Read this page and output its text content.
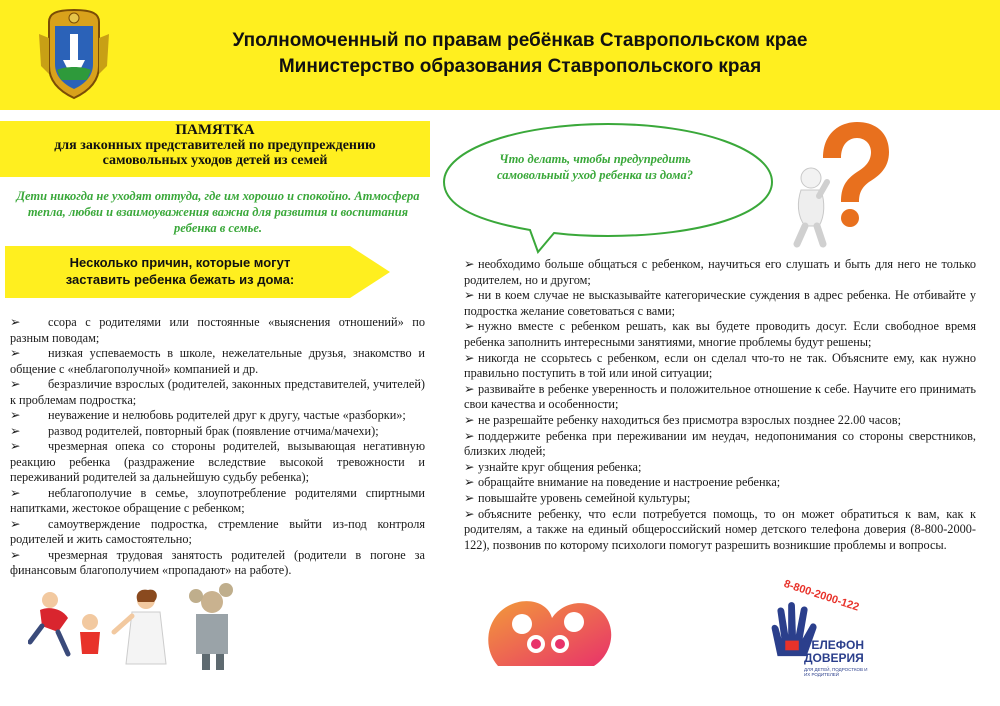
Уполномоченный по правам ребёнкав Ставропольском крае
Министерство образования Ставропольского края
ПАМЯТКА
для законных представителей по предупреждению
самовольных уходов детей из семей
Дети никогда не уходят оттуда, где им хорошо и спокойно. Атмосфера тепла, любви и взаимоуважения важна для развития и воспитания ребенка в семье.
Несколько причин, которые могут
заставить ребенка бежать из дома:

➢ ссора с родителями или постоянные «выяснения отношений» по разным поводам;

➢ низкая успеваемость в школе, нежелательные друзья, знакомство и общение с «неблагополучной» компанией и др.

➢ безразличие взрослых (родителей, законных представителей, учителей) к проблемам подростка;

➢ неуважение и нелюбовь родителей друг к другу, частые «разборки»;

➢ развод родителей, повторный брак (появление отчима/мачехи);

➢ чрезмерная опека со стороны родителей, вызывающая негативную реакцию ребенка (раздражение вследствие высокой тревожности и переживаний родителей за дальнейшую судьбу ребенка);

➢ неблагополучие в семье, злоупотребление родителями спиртными напитками, жестокое обращение с ребенком;

➢ самоутверждение подростка, стремление выйти из-под контроля родителей и жить самостоятельно;

➢ чрезмерная трудовая занятость родителей (родители в погоне за финансовым благополучием «пропадают» на работе).

Что делать, чтобы предупредить самовольный уход ребенка из дома?

➢ необходимо больше общаться с ребенком, научиться его слушать и быть для него не только родителем, но и другом;

➢ ни в коем случае не высказывайте категорические суждения в адрес ребенка. Не отбивайте у подростка желание советоваться с вами;

➢ нужно вместе с ребенком решать, как вы будете проводить досуг. Если свободное время ребенка заполнить интересными занятиями, многие проблемы будут решены;

➢ никогда не ссорьтесь с ребенком, если он сделал что-то не так. Объясните ему, как нужно правильно поступить в той или иной ситуации;

➢ развивайте в ребенке уверенность и положительное отношение к себе. Научите его принимать свои качества и особенности;

➢ не разрешайте ребенку находиться без присмотра взрослых позднее 22.00 часов;

➢ поддержите ребенка при переживании им неудач, недопонимания со стороны сверстников, близких людей;

➢ узнайте круг общения ребенка;

➢ обращайте внимание на поведение и настроение ребенка;

➢ повышайте уровень семейной культуры;

➢ объясните ребенку, что если потребуется помощь, то он может обратиться к вам, как к родителям, а также на единый общероссийский номер детского телефона доверия (8-800-2000-122), позвонив по которому психологи помогут разрешить возникшие проблемы и вопросы.

8-800-2000-122
ТЕЛЕФОН
ДОВЕРИЯ
ДЛЯ ДЕТЕЙ, ПОДРОСТКОВ И ИХ РОДИТЕЛЕЙ
